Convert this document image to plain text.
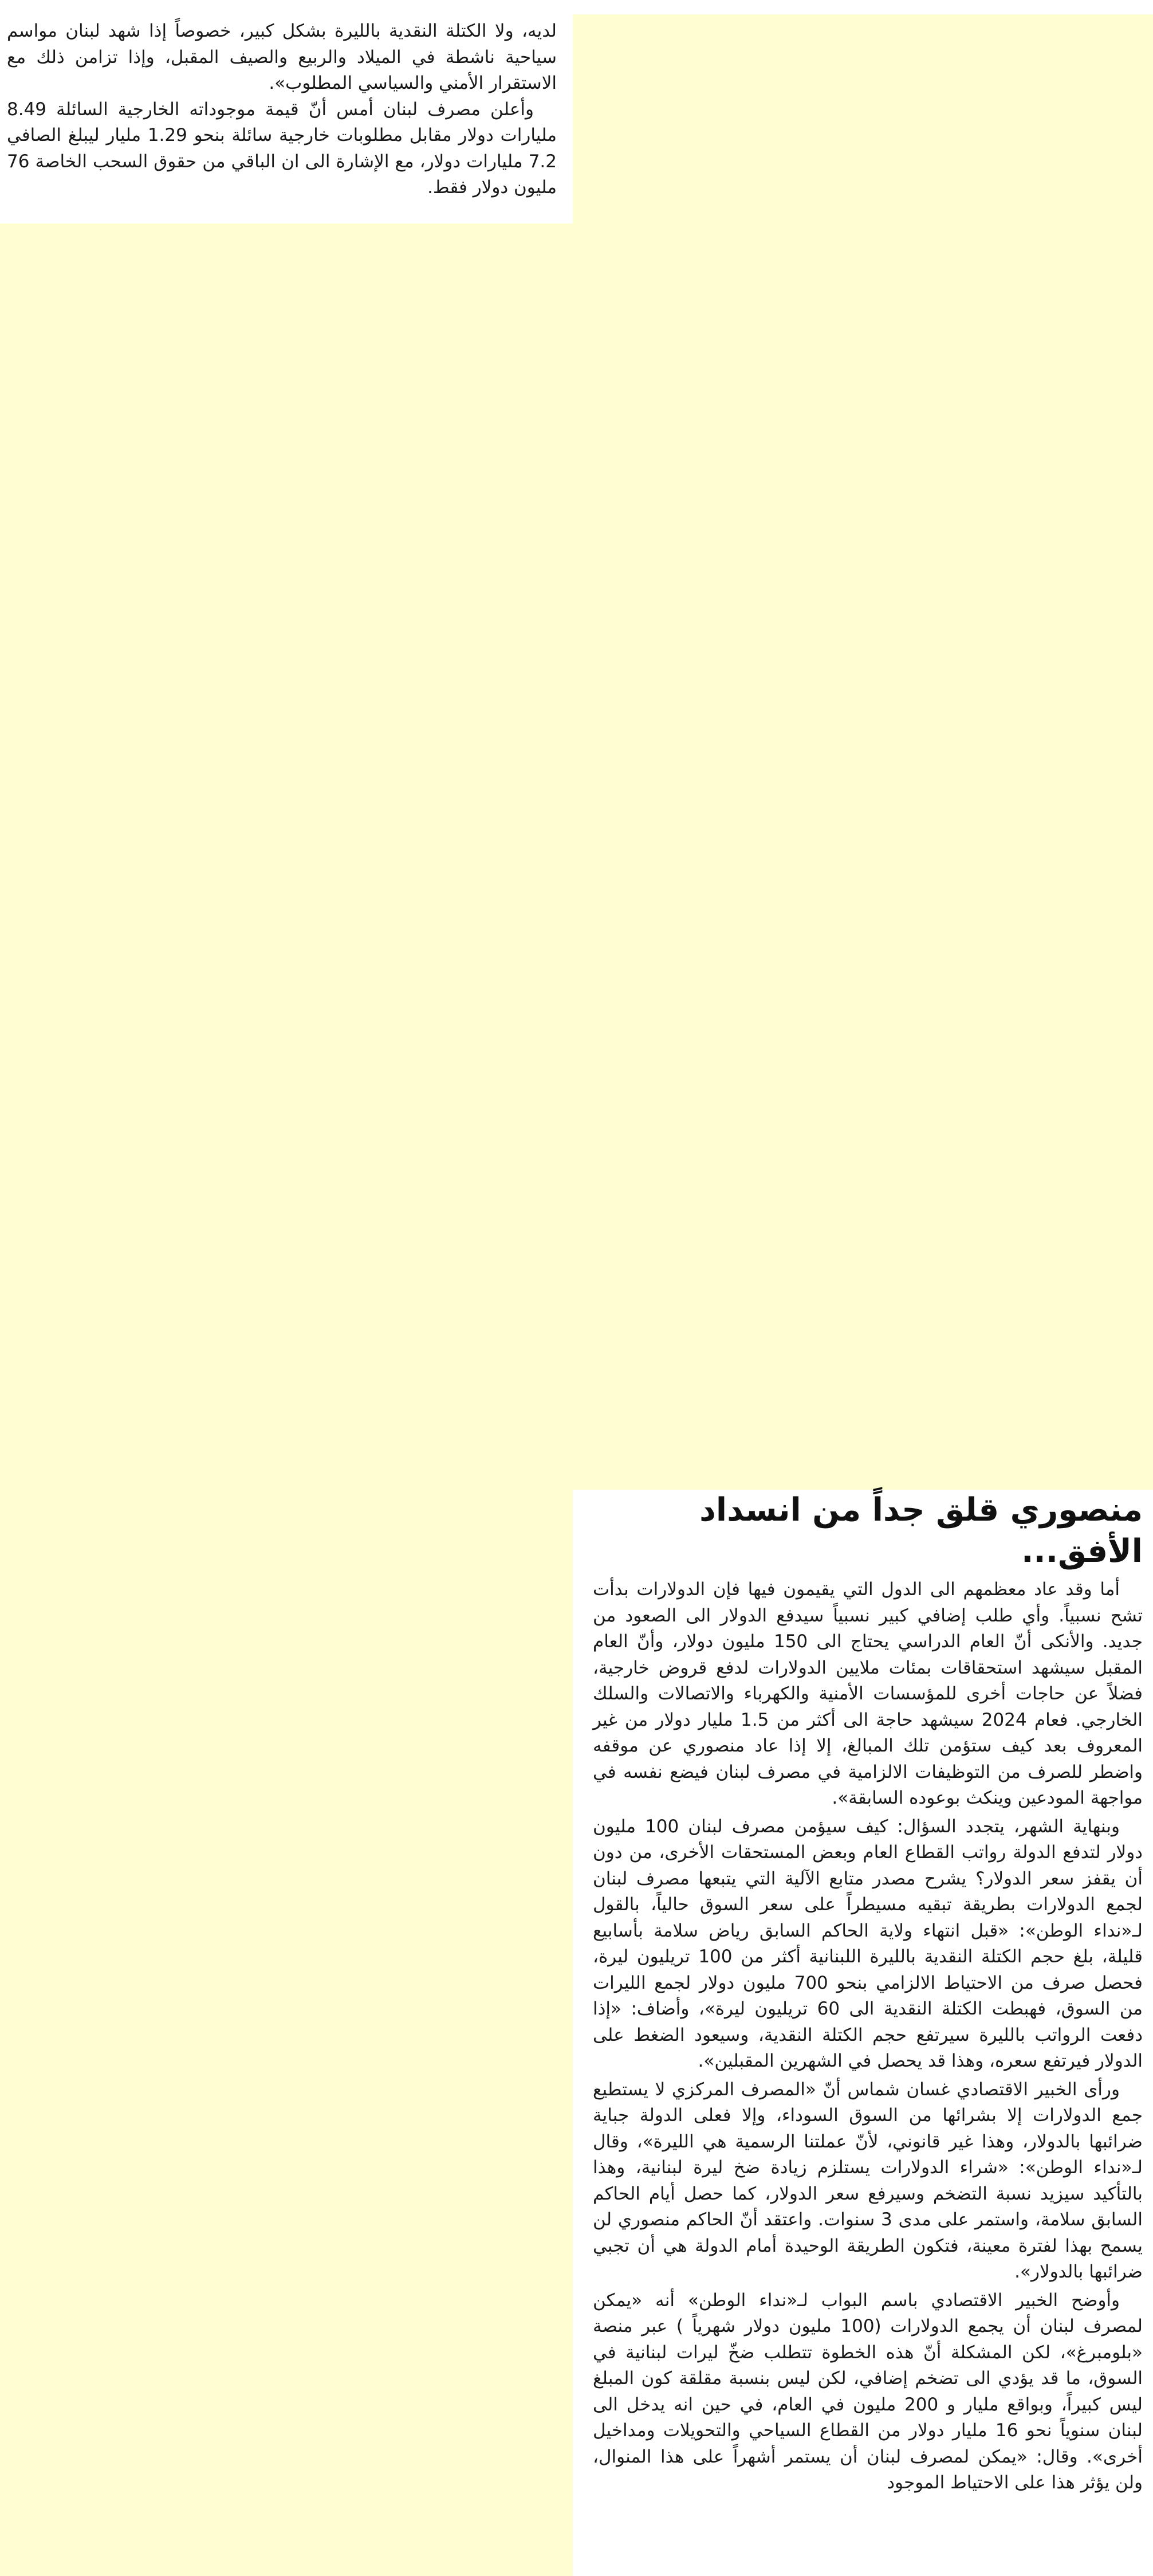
لديه، ولا الكتلة النقدية بالليرة بشكل كبير، خصوصاً إذا شهد لبنان مواسم سياحية ناشطة في الميلاد والربيع والصيف المقبل، وإذا تزامن ذلك مع الاستقرار الأمني والسياسي المطلوب».

وأعلن مصرف لبنان أمس أنّ قيمة موجوداته الخارجية السائلة 8.49 مليارات دولار مقابل مطلوبات خارجية سائلة بنحو 1.29 مليار ليبلغ الصافي 7.2 مليارات دولار، مع الإشارة الى ان الباقي من حقوق السحب الخاصة 76 مليون دولار فقط.

منصوري قلق جداً من انسداد الأفق...

أما وقد عاد معظمهم الى الدول التي يقيمون فيها فإن الدولارات بدأت تشح نسبياً. وأي طلب إضافي كبير نسبياً سيدفع الدولار الى الصعود من جديد. والأنكى أنّ العام الدراسي يحتاج الى 150 مليون دولار، وأنّ العام المقبل سيشهد استحقاقات بمئات ملايين الدولارات لدفع قروض خارجية، فضلاً عن حاجات أخرى للمؤسسات الأمنية والكهرباء والاتصالات والسلك الخارجي. فعام 2024 سيشهد حاجة الى أكثر من 1.5 مليار دولار من غير المعروف بعد كيف ستؤمن تلك المبالغ، إلا إذا عاد منصوري عن موقفه واضطر للصرف من التوظيفات الالزامية في مصرف لبنان فيضع نفسه في مواجهة المودعين وينكث بوعوده السابقة».

وبنهاية الشهر، يتجدد السؤال: كيف سيؤمن مصرف لبنان 100 مليون دولار لتدفع الدولة رواتب القطاع العام وبعض المستحقات الأخرى، من دون أن يقفز سعر الدولار؟ يشرح مصدر متابع الآلية التي يتبعها مصرف لبنان لجمع الدولارات بطريقة تبقيه مسيطراً على سعر السوق حالياً، بالقول لـ«نداء الوطن»: «قبل انتهاء ولاية الحاكم السابق رياض سلامة بأسابيع قليلة، بلغ حجم الكتلة النقدية بالليرة اللبنانية أكثر من 100 تريليون ليرة، فحصل صرف من الاحتياط الالزامي بنحو 700 مليون دولار لجمع الليرات من السوق، فهبطت الكتلة النقدية الى 60 تريليون ليرة»، وأضاف: «إذا دفعت الرواتب بالليرة سيرتفع حجم الكتلة النقدية، وسيعود الضغط على الدولار فيرتفع سعره، وهذا قد يحصل في الشهرين المقبلين».

ورأى الخبير الاقتصادي غسان شماس أنّ «المصرف المركزي لا يستطيع جمع الدولارات إلا بشرائها من السوق السوداء، وإلا فعلى الدولة جباية ضرائبها بالدولار، وهذا غير قانوني، لأنّ عملتنا الرسمية هي الليرة»، وقال لـ«نداء الوطن»: «شراء الدولارات يستلزم زيادة ضخ ليرة لبنانية، وهذا بالتأكيد سيزيد نسبة التضخم وسيرفع سعر الدولار، كما حصل أيام الحاكم السابق سلامة، واستمر على مدى 3 سنوات. واعتقد أنّ الحاكم منصوري لن يسمح بهذا لفترة معينة، فتكون الطريقة الوحيدة أمام الدولة هي أن تجبي ضرائبها بالدولار».

وأوضح الخبير الاقتصادي باسم البواب لـ«نداء الوطن» أنه «يمكن لمصرف لبنان أن يجمع الدولارات (100 مليون دولار شهرياً ) عبر منصة «بلومبرغ»، لكن المشكلة أنّ هذه الخطوة تتطلب ضخّ ليرات لبنانية في السوق، ما قد يؤدي الى تضخم إضافي، لكن ليس بنسبة مقلقة كون المبلغ ليس كبيراً، وبواقع مليار و 200 مليون في العام، في حين انه يدخل الى لبنان سنوياً نحو 16 مليار دولار من القطاع السياحي والتحويلات ومداخيل أخرى». وقال: «يمكن لمصرف لبنان أن يستمر أشهراً على هذا المنوال، ولن يؤثر هذا على الاحتياط الموجود
